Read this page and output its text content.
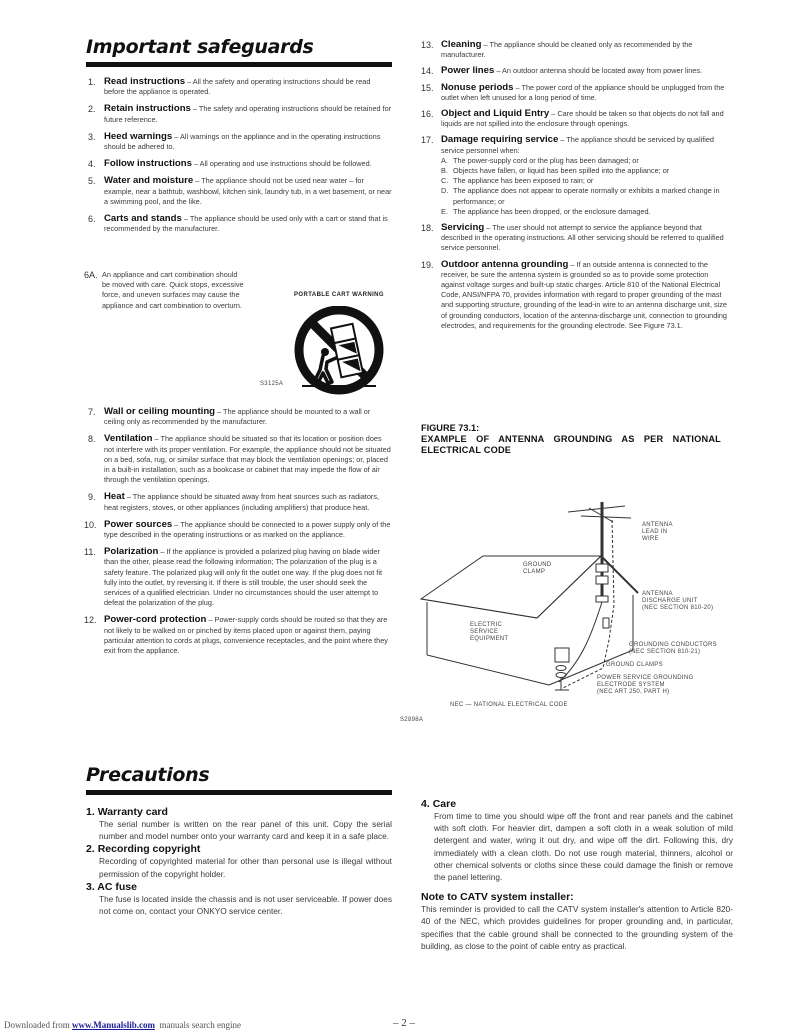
Important safeguards
1. Read instructions – All the safety and operating instructions should be read before the appliance is operated.
2. Retain instructions – The safety and operating instructions should be retained for future reference.
3. Heed warnings – All warnings on the appliance and in the operating instructions should be adhered to.
4. Follow instructions – All operating and use instructions should be followed.
5. Water and moisture – The appliance should not be used near water – for example, near a bathtub, washbowl, kitchen sink, laundry tub, in a wet basement, or near a swimming pool, and the like.
6. Carts and stands – The appliance should be used only with a cart or stand that is recommended by the manufacturer.
6A. An appliance and cart combination should be moved with care. Quick stops, excessive force, and uneven surfaces may cause the appliance and cart combination to overturn.
PORTABLE CART WARNING
S3125A
7. Wall or ceiling mounting – The appliance should be mounted to a wall or ceiling only as recommended by the manufacturer.
8. Ventilation – The appliance should be situated so that its location or position does not interfere with its proper ventilation. For example, the appliance should not be situated on a bed, sofa, rug, or similar surface that may block the ventilation openings; or, placed in a built-in installation, such as a bookcase or cabinet that may impede the flow of air through the ventilation openings.
9. Heat – The appliance should be situated away from heat sources such as radiators, heat registers, stoves, or other appliances (including amplifiers) that produce heat.
10. Power sources – The appliance should be connected to a power supply only of the type described in the operating instructions or as marked on the appliance.
11. Polarization – If the appliance is provided a polarized plug having on blade wider than the other, please read the following information; The polarization of the plug is a safety feature. The polarized plug will only fit the outlet one way. If the plug does not fit fully into the outlet, try reversing it. If there is still trouble, the user should seek the services of a qualified electrician. Under no circumstances should the user attempt to defeat the polarization of the plug.
12. Power-cord protection – Power-supply cords should be routed so that they are not likely to be walked on or pinched by items placed upon or against them, paying particular attention to cords at plugs, convenience receptacles, and the point where they exit from the appliance.
13. Cleaning – The appliance should be cleaned only as recommended by the manufacturer.
14. Power lines – An outdoor antenna should be located away from power lines.
15. Nonuse periods – The power cord of the appliance should be unplugged from the outlet when left unused for a long period of time.
16. Object and Liquid Entry – Care should be taken so that objects do not fall and liquids are not spilled into the enclosure through openings.
17. Damage requiring service – The appliance should be serviced by qualified service personnel when:
A. The power-supply cord or the plug has been damaged; or
B. Objects have fallen, or liquid has been spilled into the appliance; or
C. The appliance has been exposed to rain; or
D. The appliance does not appear to operate normally or exhibits a marked change in performance; or
E. The appliance has been dropped, or the enclosure damaged.
18. Servicing – The user should not attempt to service the appliance beyond that described in the operating instructions. All other servicing should be referred to qualified service personnel.
19. Outdoor antenna grounding – If an outside antenna is connected to the receiver, be sure the antenna system is grounded so as to provide some protection against voltage surges and built-up static charges. Article 810 of the National Electrical Code, ANSI/NFPA 70, provides information with regard to proper grounding of the mast and supporting structure, grounding of the lead-in wire to an antenna discharge unit, size of grounding conductors, location of the antenna-discharge unit, connection to grounding electrodes, and requirements for the grounding electrode. See Figure 73.1.
FIGURE 73.1:
EXAMPLE OF ANTENNA GROUNDING AS PER NATIONAL ELECTRICAL CODE
ANTENNA
LEAD IN
WIRE
GROUND
CLAMP
ANTENNA
DISCHARGE UNIT
(NEC SECTION 810-20)
ELECTRIC
SERVICE
EQUIPMENT
GROUNDING CONDUCTORS
(NEC SECTION 810-21)
GROUND CLAMPS
POWER SERVICE GROUNDING
ELECTRODE SYSTEM
(NEC ART 250, PART H)
NEC — NATIONAL ELECTRICAL CODE
S2898A
Precautions
1. Warranty card
The serial number is written on the rear panel of this unit. Copy the serial number and model number onto your warranty card and keep it in a safe place.
2. Recording copyright
Recording of copyrighted material for other than personal use is illegal without permission of the copyright holder.
3. AC fuse
The fuse is located inside the chassis and is not user serviceable. If power does not come on, contact your ONKYO service center.
4. Care
From time to time you should wipe off the front and rear panels and the cabinet with soft cloth. For heavier dirt, dampen a soft cloth in a weak solution of mild detergent and water, wring it out dry, and wipe off the dirt. Following this, dry immediately with a clean cloth. Do not use rough material, thinners, alcohol or other chemical solvents or cloths since these could damage the finish or remove the panel lettering.
Note to CATV system installer:
This reminder is provided to call the CATV system installer's attention to Article 820-40 of the NEC, which provides guidelines for proper grounding and, in particular, specifies that the cable ground shall be connected to the grounding system of the building, as close to the point of cable entry as practical.
Downloaded from www.Manualslib.com manuals search engine	– 2 –
